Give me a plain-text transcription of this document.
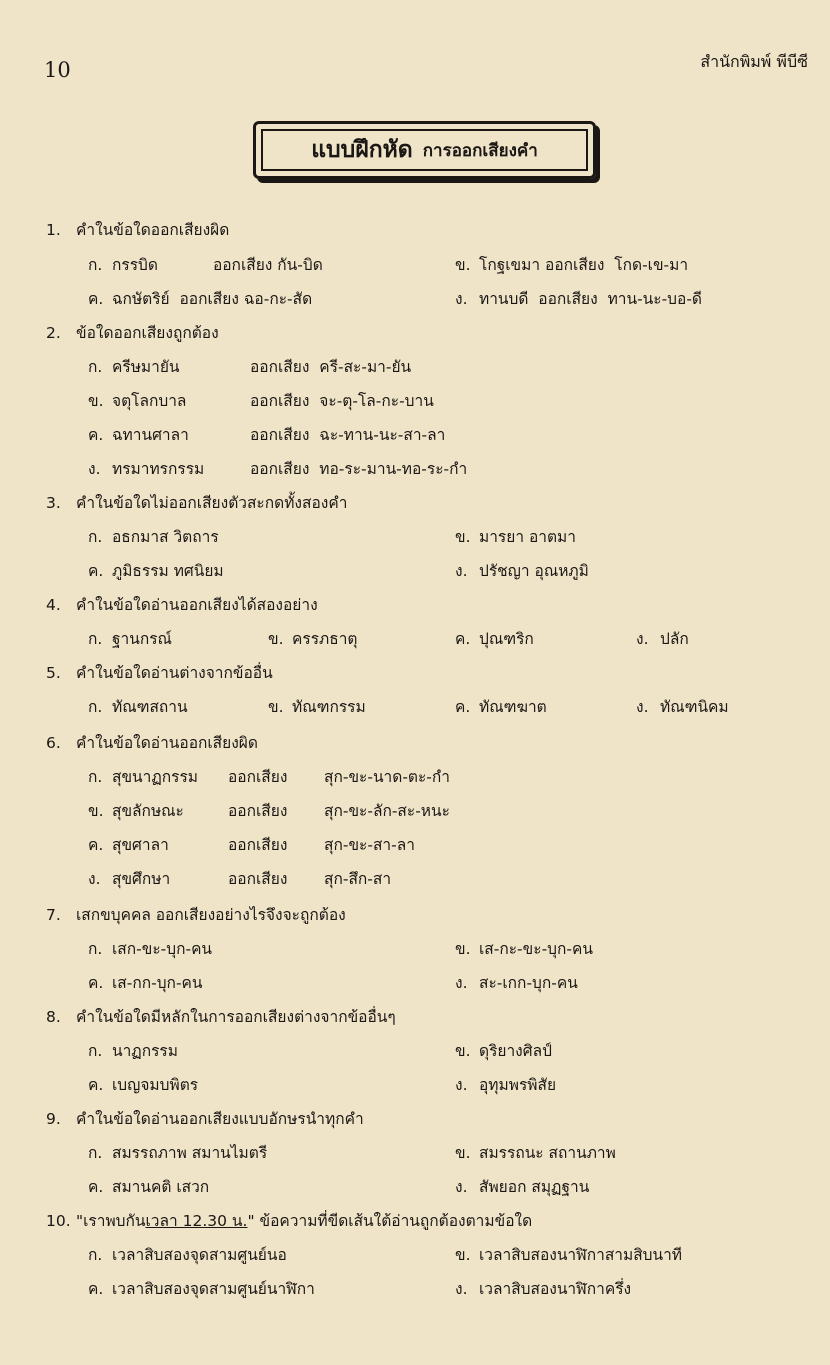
10	สำนักพิมพ์ พีบีซี
แบบฝึกหัด การออกเสียงคำ
1. คำในข้อใดออกเสียงผิด
ก. กรรบิด	ออกเสียง กัน-บิด	ข. โกฐเขมา ออกเสียง โกด-เข-มา
ค. ฉกษัตริย์ ออกเสียง ฉอ-กะ-สัด	ง. ทานบดี ออกเสียง ทาน-นะ-บอ-ดี
2. ข้อใดออกเสียงถูกต้อง
ก. ครีษมายัน	ออกเสียง ครี-สะ-มา-ยัน
ข. จตุโลกบาล	ออกเสียง จะ-ตุ-โล-กะ-บาน
ค. ฉทานศาลา	ออกเสียง ฉะ-ทาน-นะ-สา-ลา
ง. ทรมาทรกรรม	ออกเสียง ทอ-ระ-มาน-ทอ-ระ-กำ
3. คำในข้อใดไม่ออกเสียงตัวสะกดทั้งสองคำ
ก. อธกมาส วิตถาร	ข. มารยา อาตมา
ค. ภูมิธรรม ทศนิยม	ง. ปรัชญา อุณหภูมิ
4. คำในข้อใดอ่านออกเสียงได้สองอย่าง
ก. ฐานกรณ์	ข. ครรภธาตุ	ค. ปุณฑริก	ง. ปลัก
5. คำในข้อใดอ่านต่างจากข้ออื่น
ก. ทัณฑสถาน	ข. ทัณฑกรรม	ค. ทัณฑฆาต	ง. ทัณฑนิคม
6. คำในข้อใดอ่านออกเสียงผิด
ก. สุขนาฏกรรม ออกเสียง สุก-ขะ-นาด-ตะ-กำ
ข. สุขลักษณะ	ออกเสียง สุก-ขะ-ลัก-สะ-หนะ
ค. สุขศาลา	ออกเสียง สุก-ขะ-สา-ลา
ง. สุขศึกษา	ออกเสียง สุก-สึก-สา
7. เสกขบุคคล ออกเสียงอย่างไรจึงจะถูกต้อง
ก. เสก-ขะ-บุก-คน	ข. เส-กะ-ขะ-บุก-คน
ค. เส-กก-บุก-คน	ง. สะ-เกก-บุก-คน
8. คำในข้อใดมีหลักในการออกเสียงต่างจากข้ออื่นๆ
ก. นาฏกรรม	ข. ดุริยางศิลป์
ค. เบญจมบพิตร	ง. อุทุมพรพิสัย
9. คำในข้อใดอ่านออกเสียงแบบอักษรนำทุกคำ
ก. สมรรถภาพ สมานไมตรี	ข. สมรรถนะ สถานภาพ
ค. สมานคติ เสวก	ง. สัพยอก สมุฏฐาน
10. "เราพบกันเวลา 12.30 น." ข้อความที่ขีดเส้นใต้อ่านถูกต้องตามข้อใด
ก. เวลาสิบสองจุดสามศูนย์นอ	ข. เวลาสิบสองนาฬิกาสามสิบนาที
ค. เวลาสิบสองจุดสามศูนย์นาฬิกา	ง. เวลาสิบสองนาฬิกาครึ่ง
